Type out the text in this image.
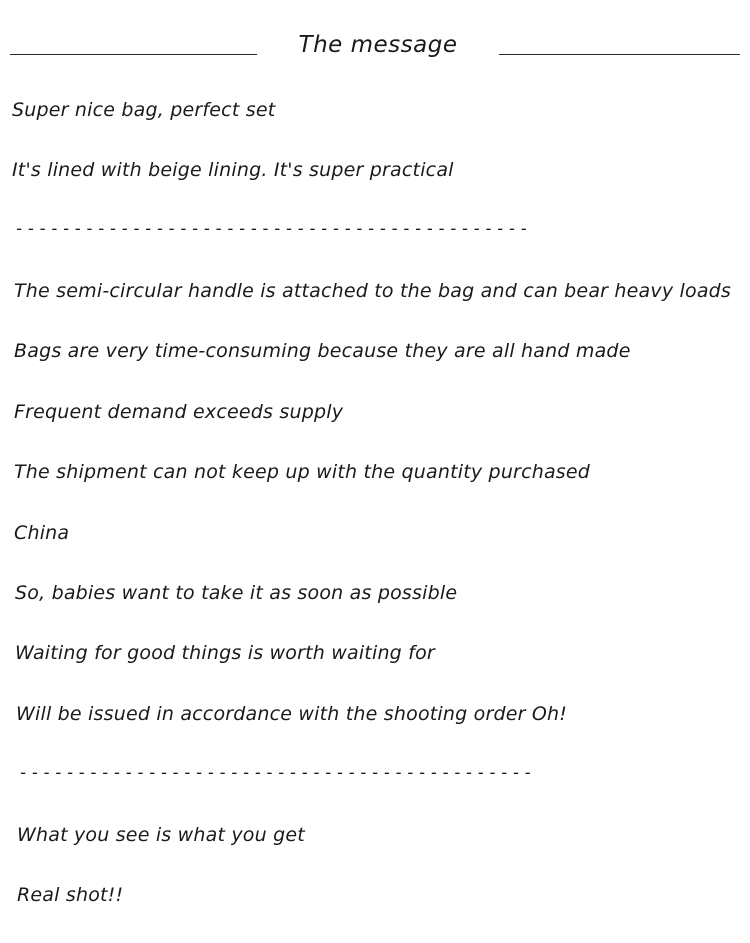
The message
Super nice bag, perfect set
It's lined with beige lining. It's super practical
--------------------------------------------
The semi-circular handle is attached to the bag and can bear heavy loads
Bags are very time-consuming because they are all hand made
Frequent demand exceeds supply
The shipment can not keep up with the quantity purchased
China
So, babies want to take it as soon as possible
Waiting for good things is worth waiting for
Will be issued in accordance with the shooting order Oh!
--------------------------------------------
What you see is what you get
Real shot!!
